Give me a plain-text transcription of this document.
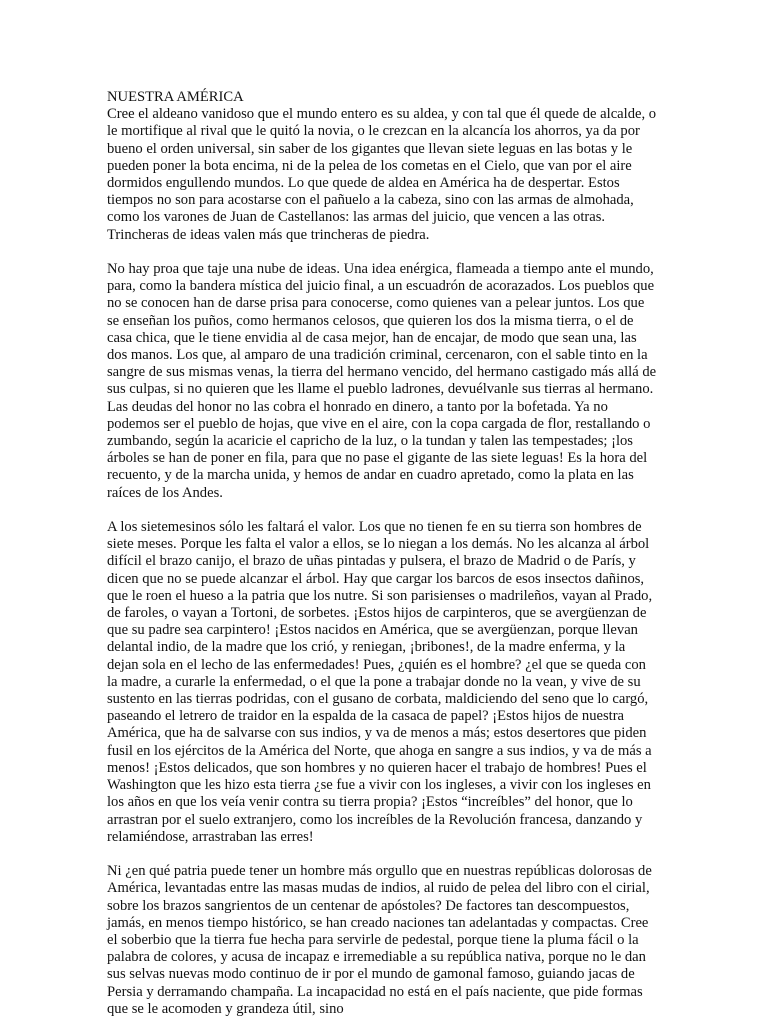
NUESTRA AMÉRICA

Cree el aldeano vanidoso que el mundo entero es su aldea, y con tal que él quede de alcalde, o le mortifique al rival que le quitó la novia, o le crezcan en la alcancía los ahorros, ya da por bueno el orden universal, sin saber de los gigantes que llevan siete leguas en las botas y le pueden poner la bota encima, ni de la pelea de los cometas en el Cielo, que van por el aire dormidos engullendo mundos. Lo que quede de aldea en América ha de despertar. Estos tiempos no son para acostarse con el pañuelo a la cabeza, sino con las armas de almohada, como los varones de Juan de Castellanos: las armas del juicio, que vencen a las otras. Trincheras de ideas valen más que trincheras de piedra.

No hay proa que taje una nube de ideas. Una idea enérgica, flameada a tiempo ante el mundo, para, como la bandera mística del juicio final, a un escuadrón de acorazados. Los pueblos que no se conocen han de darse prisa para conocerse, como quienes van a pelear juntos. Los que se enseñan los puños, como hermanos celosos, que quieren los dos la misma tierra, o el de casa chica, que le tiene envidia al de casa mejor, han de encajar, de modo que sean una, las dos manos. Los que, al amparo de una tradición criminal, cercenaron, con el sable tinto en la sangre de sus mismas venas, la tierra del hermano vencido, del hermano castigado más allá de sus culpas, si no quieren que les llame el pueblo ladrones, devuélvanle sus tierras al hermano. Las deudas del honor no las cobra el honrado en dinero, a tanto por la bofetada. Ya no podemos ser el pueblo de hojas, que vive en el aire, con la copa cargada de flor, restallando o zumbando, según la acaricie el capricho de la luz, o la tundan y talen las tempestades; ¡los árboles se han de poner en fila, para que no pase el gigante de las siete leguas! Es la hora del recuento, y de la marcha unida, y hemos de andar en cuadro apretado, como la plata en las raíces de los Andes.

A los sietemesinos sólo les faltará el valor. Los que no tienen fe en su tierra son hombres de siete meses. Porque les falta el valor a ellos, se lo niegan a los demás. No les alcanza al árbol difícil el brazo canijo, el brazo de uñas pintadas y pulsera, el brazo de Madrid o de París, y dicen que no se puede alcanzar el árbol. Hay que cargar los barcos de esos insectos dañinos, que le roen el hueso a la patria que los nutre. Si son parisienses o madrileños, vayan al Prado, de faroles, o vayan a Tortoni, de sorbetes. ¡Estos hijos de carpinteros, que se avergüenzan de que su padre sea carpintero! ¡Estos nacidos en América, que se avergüenzan, porque llevan delantal indio, de la madre que los crió, y reniegan, ¡bribones!, de la madre enferma, y la dejan sola en el lecho de las enfermedades! Pues, ¿quién es el hombre? ¿el que se queda con la madre, a curarle la enfermedad, o el que la pone a trabajar donde no la vean, y vive de su sustento en las tierras podridas, con el gusano de corbata, maldiciendo del seno que lo cargó, paseando el letrero de traidor en la espalda de la casaca de papel? ¡Estos hijos de nuestra América, que ha de salvarse con sus indios, y va de menos a más; estos desertores que piden fusil en los ejércitos de la América del Norte, que ahoga en sangre a sus indios, y va de más a menos! ¡Estos delicados, que son hombres y no quieren hacer el trabajo de hombres! Pues el Washington que les hizo esta tierra ¿se fue a vivir con los ingleses, a vivir con los ingleses en los años en que los veía venir contra su tierra propia? ¡Estos “increíbles” del honor, que lo arrastran por el suelo extranjero, como los increíbles de la Revolución francesa, danzando y relamiéndose, arrastraban las erres!

Ni ¿en qué patria puede tener un hombre más orgullo que en nuestras repúblicas dolorosas de América, levantadas entre las masas mudas de indios, al ruido de pelea del libro con el cirial, sobre los brazos sangrientos de un centenar de apóstoles? De factores tan descompuestos, jamás, en menos tiempo histórico, se han creado naciones tan adelantadas y compactas. Cree el soberbio que la tierra fue hecha para servirle de pedestal, porque tiene la pluma fácil o la palabra de colores, y acusa de incapaz e irremediable a su república nativa, porque no le dan sus selvas nuevas modo continuo de ir por el mundo de gamonal famoso, guiando jacas de Persia y derramando champaña. La incapacidad no está en el país naciente, que pide formas que se le acomoden y grandeza útil, sino
